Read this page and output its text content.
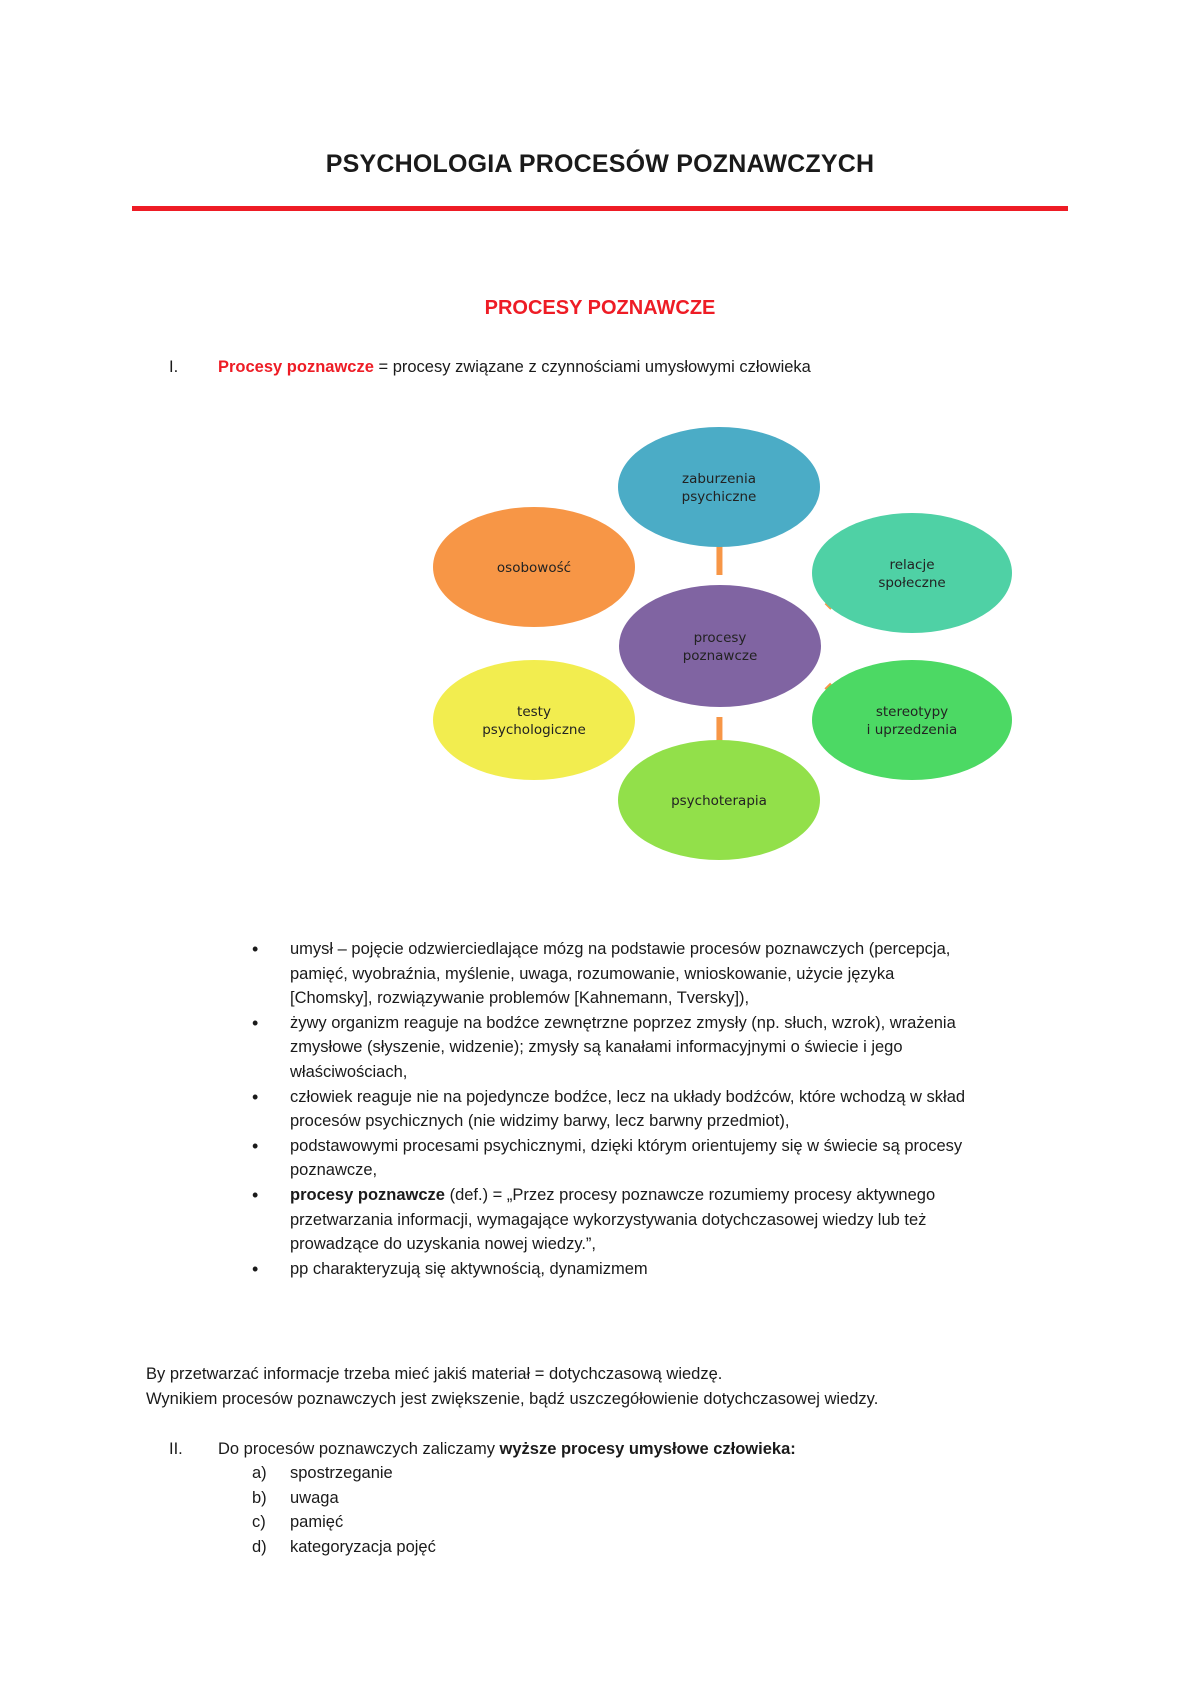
PSYCHOLOGIA PROCESÓW POZNAWCZYCH
PROCESY POZNAWCZE
I.	Procesy poznawcze = procesy związane z czynnościami umysłowymi człowieka
zaburzenia
psychiczne
relacje
społeczne
stereotypy
i uprzedzenia
psychoterapia
testy
psychologiczne
osobowość
procesy
poznawcze
• umysł – pojęcie odzwierciedlające mózg na podstawie procesów poznawczych (percepcja,
pamięć, wyobraźnia, myślenie, uwaga, rozumowanie, wnioskowanie, użycie języka
[Chomsky], rozwiązywanie problemów [Kahnemann, Tversky]),
• żywy organizm reaguje na bodźce zewnętrzne poprzez zmysły (np. słuch, wzrok), wrażenia
zmysłowe (słyszenie, widzenie); zmysły są kanałami informacyjnymi o świecie i jego
właściwościach,
• człowiek reaguje nie na pojedyncze bodźce, lecz na układy bodźców, które wchodzą w skład
procesów psychicznych (nie widzimy barwy, lecz barwny przedmiot),
• podstawowymi procesami psychicznymi, dzięki którym orientujemy się w świecie są procesy
poznawcze,
• procesy poznawcze (def.) = „Przez procesy poznawcze rozumiemy procesy aktywnego
przetwarzania informacji, wymagające wykorzystywania dotychczasowej wiedzy lub też
prowadzące do uzyskania nowej wiedzy.”,
• pp charakteryzują się aktywnością, dynamizmem
By przetwarzać informacje trzeba mieć jakiś materiał = dotychczasową wiedzę.
Wynikiem procesów poznawczych jest zwiększenie, bądź uszczegółowienie dotychczasowej wiedzy.
II.	Do procesów poznawczych zaliczamy wyższe procesy umysłowe człowieka:
a) spostrzeganie
b) uwaga
c) pamięć
d) kategoryzacja pojęć
